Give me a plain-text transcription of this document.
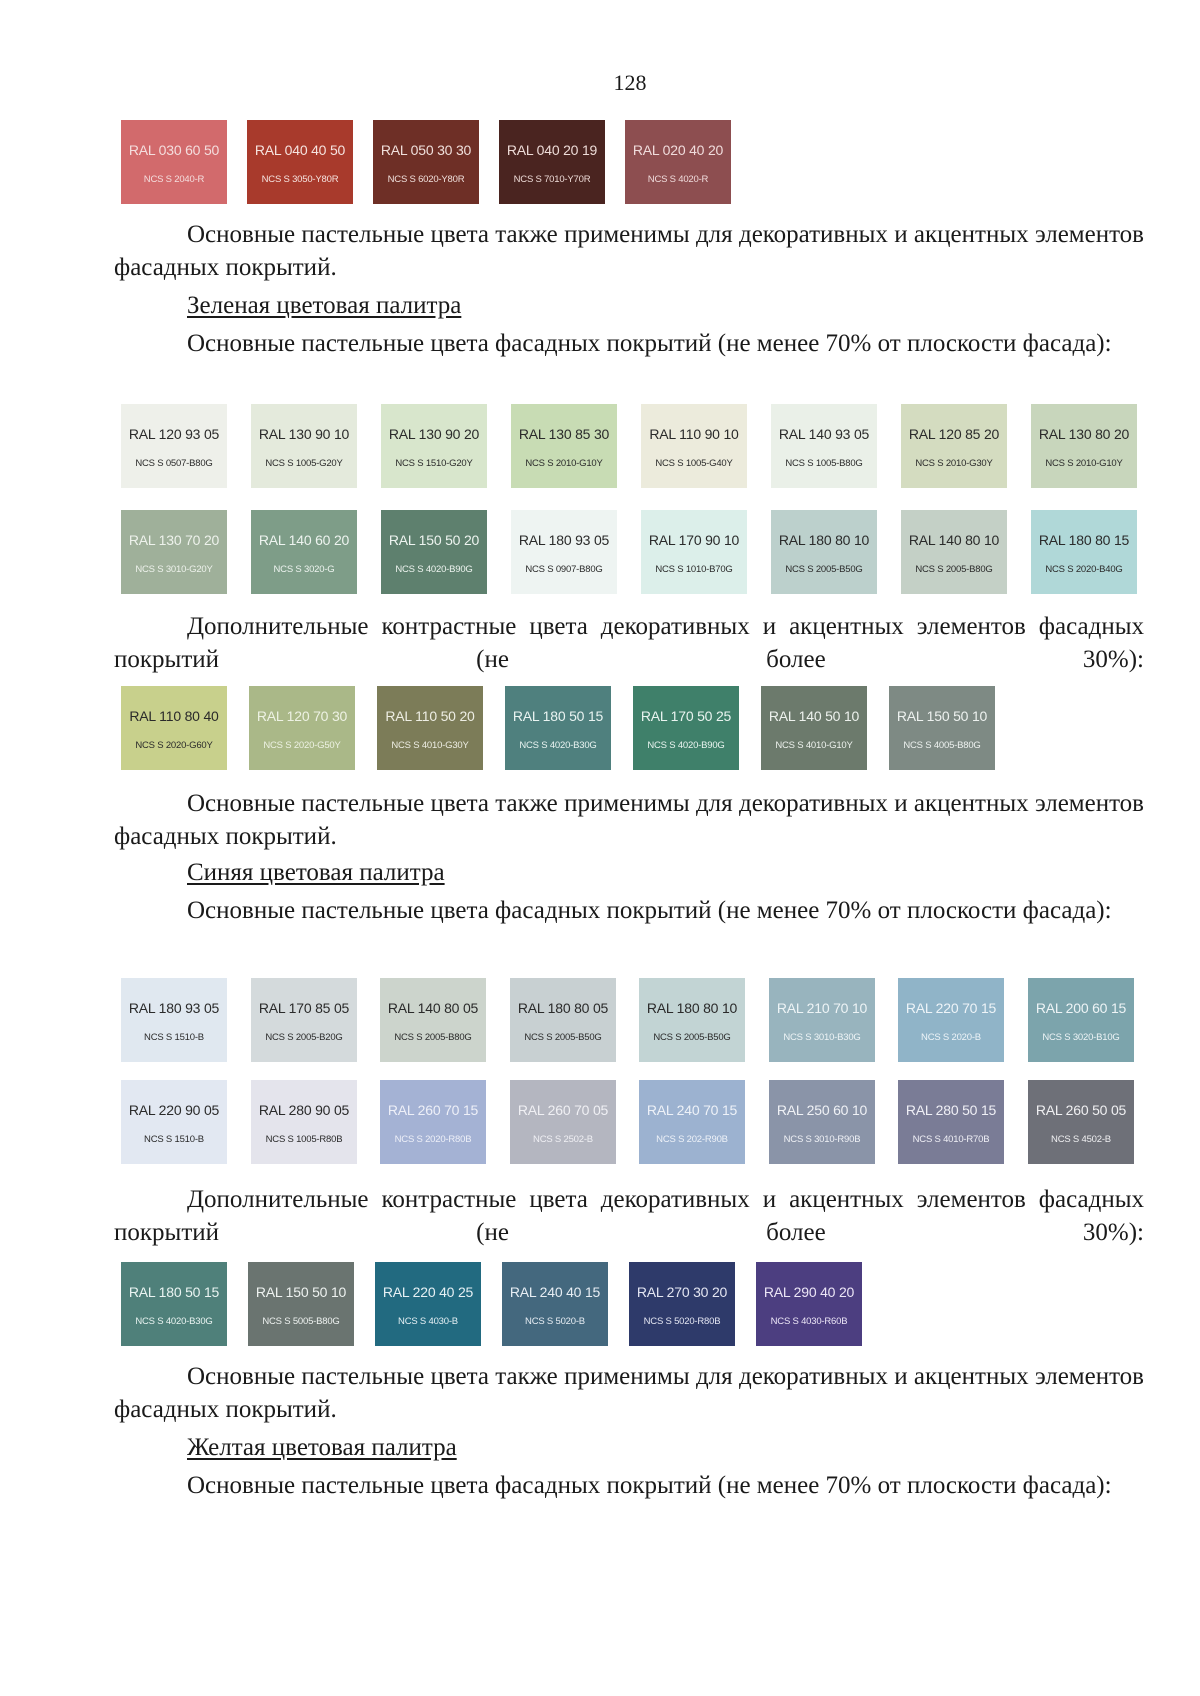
128
RAL 030 60 50
NCS S 2040-R
RAL 040 40 50
NCS S 3050-Y80R
RAL 050 30 30
NCS S 6020-Y80R
RAL 040 20 19
NCS S 7010-Y70R
RAL 020 40 20
NCS S 4020-R

Основные пастельные цвета также применимы для декоративных и акцентных элементов фасадных покрытий.

Зеленая цветовая палитра

Основные пастельные цвета фасадных покрытий (не менее 70% от плоскости фасада):

RAL 120 93 05
NCS S 0507-B80G
RAL 130 90 10
NCS S 1005-G20Y
RAL 130 90 20
NCS S 1510-G20Y
RAL 130 85 30
NCS S 2010-G10Y
RAL 110 90 10
NCS S 1005-G40Y
RAL 140 93 05
NCS S 1005-B80G
RAL 120 85 20
NCS S 2010-G30Y
RAL 130 80 20
NCS S 2010-G10Y
RAL 130 70 20
NCS S 3010-G20Y
RAL 140 60 20
NCS S 3020-G
RAL 150 50 20
NCS S 4020-B90G
RAL 180 93 05
NCS S 0907-B80G
RAL 170 90 10
NCS S 1010-B70G
RAL 180 80 10
NCS S 2005-B50G
RAL 140 80 10
NCS S 2005-B80G
RAL 180 80 15
NCS S 2020-B40G

Дополнительные контрастные цвета декоративных и акцентных элементов фасадных покрытий (не более 30%):

RAL 110 80 40
NCS S 2020-G60Y
RAL 120 70 30
NCS S 2020-G50Y
RAL 110 50 20
NCS S 4010-G30Y
RAL 180 50 15
NCS S 4020-B30G
RAL 170 50 25
NCS S 4020-B90G
RAL 140 50 10
NCS S 4010-G10Y
RAL 150 50 10
NCS S 4005-B80G

Основные пастельные цвета также применимы для декоративных и акцентных элементов фасадных покрытий.

Синяя цветовая палитра

Основные пастельные цвета фасадных покрытий (не менее 70% от плоскости фасада):

RAL 180 93 05
NCS S 1510-B
RAL 170 85 05
NCS S 2005-B20G
RAL 140 80 05
NCS S 2005-B80G
RAL 180 80 05
NCS S 2005-B50G
RAL 180 80 10
NCS S 2005-B50G
RAL 210 70 10
NCS S 3010-B30G
RAL 220 70 15
NCS S 2020-B
RAL 200 60 15
NCS S 3020-B10G
RAL 220 90 05
NCS S 1510-B
RAL 280 90 05
NCS S 1005-R80B
RAL 260 70 15
NCS S 2020-R80B
RAL 260 70 05
NCS S 2502-B
RAL 240 70 15
NCS S 202-R90B
RAL 250 60 10
NCS S 3010-R90B
RAL 280 50 15
NCS S 4010-R70B
RAL 260 50 05
NCS S 4502-B

Дополнительные контрастные цвета декоративных и акцентных элементов фасадных покрытий (не более 30%):

RAL 180 50 15
NCS S 4020-B30G
RAL 150 50 10
NCS S 5005-B80G
RAL 220 40 25
NCS S 4030-B
RAL 240 40 15
NCS S 5020-B
RAL 270 30 20
NCS S 5020-R80B
RAL 290 40 20
NCS S 4030-R60B

Основные пастельные цвета также применимы для декоративных и акцентных элементов фасадных покрытий.

Желтая цветовая палитра

Основные пастельные цвета фасадных покрытий (не менее 70% от плоскости фасада):
